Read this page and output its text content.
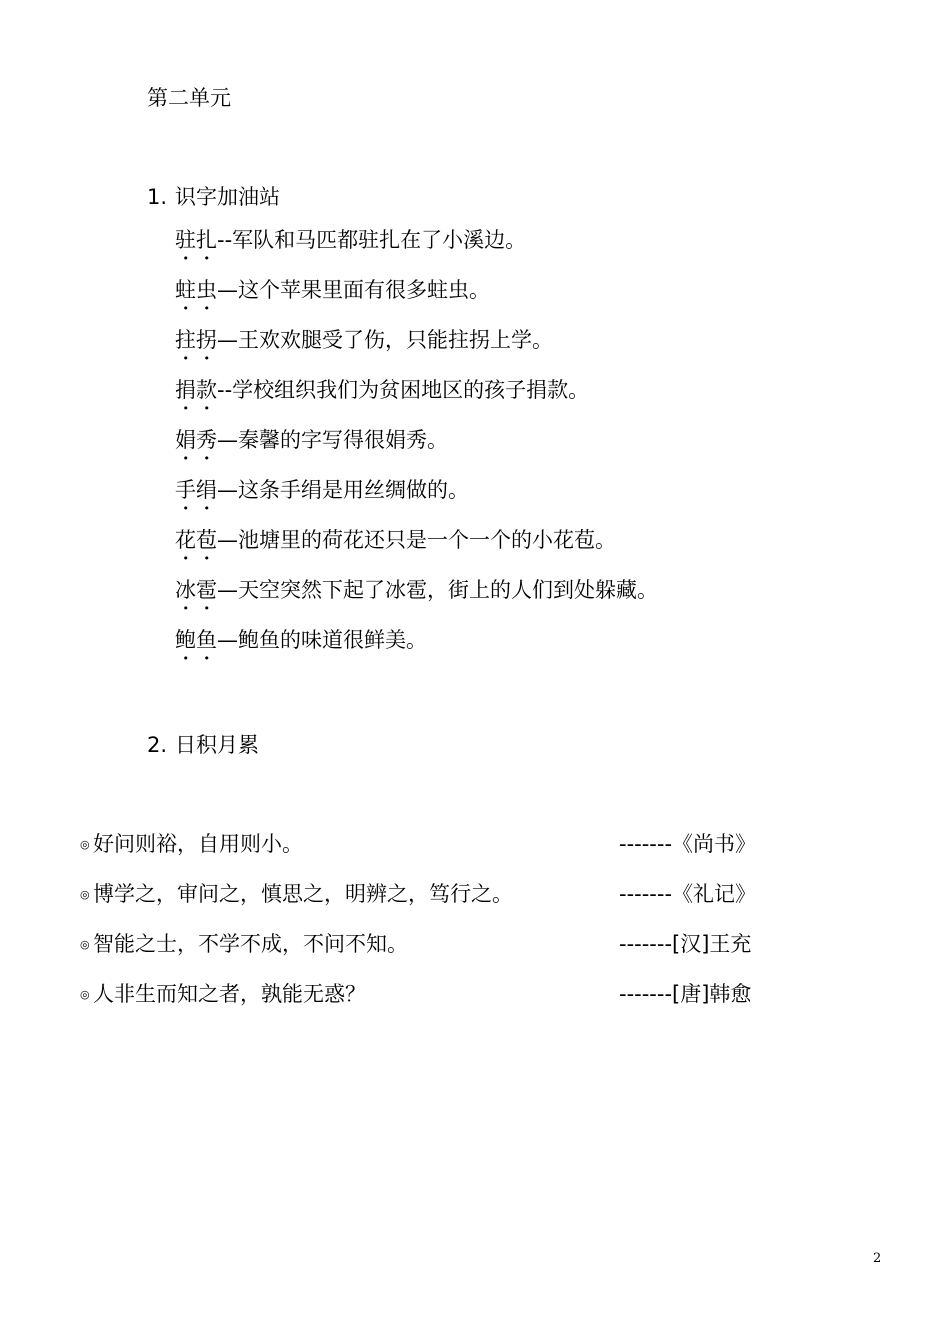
第二单元
1. 识字加油站
驻扎--军队和马匹都驻扎在了小溪边。
蛀虫—这个苹果里面有很多蛀虫。
拄拐—王欢欢腿受了伤，只能拄拐上学。
捐款--学校组织我们为贫困地区的孩子捐款。
娟秀—秦馨的字写得很娟秀。
手绢—这条手绢是用丝绸做的。
花苞—池塘里的荷花还只是一个一个的小花苞。
冰雹—天空突然下起了冰雹，街上的人们到处躲藏。
鲍鱼—鲍鱼的味道很鲜美。
2. 日积月累
◎ 好问则裕，自用则小。	-------《尚书》
◎ 博学之，审问之，慎思之，明辨之，笃行之。	-------《礼记》
◎ 智能之士，不学不成，不问不知。	-------[汉]王充
◎ 人非生而知之者，孰能无惑？	-------[唐]韩愈
2
